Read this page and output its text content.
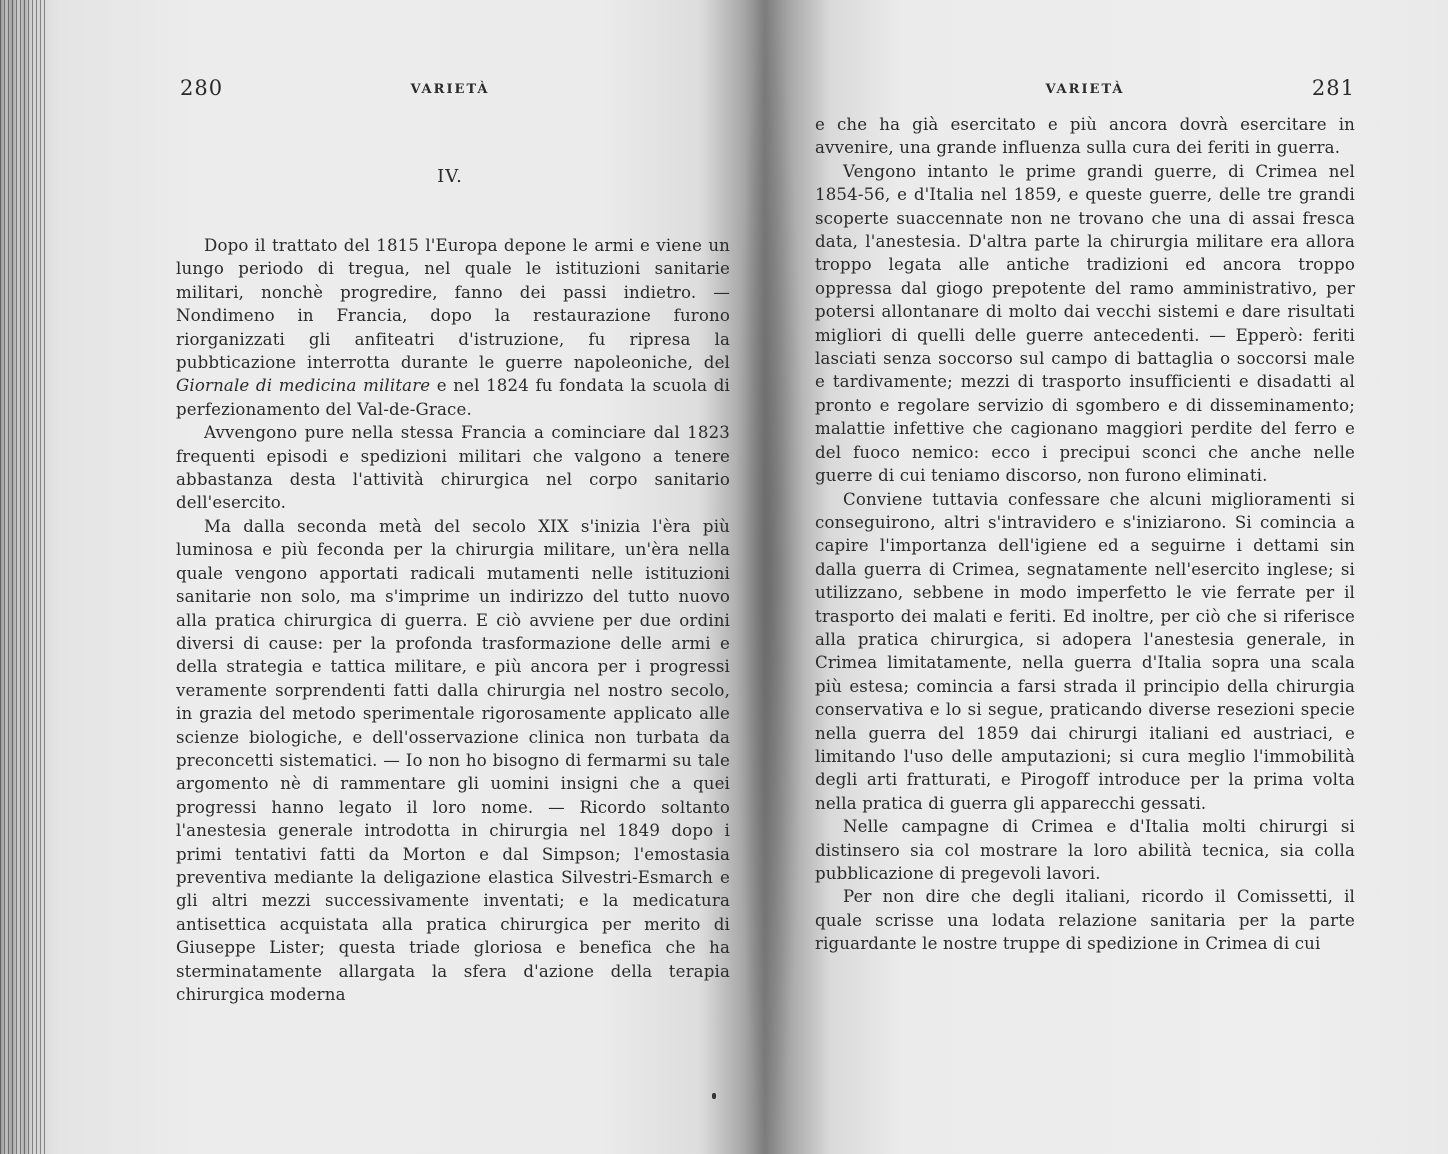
280	VARIETÀ
IV.

Dopo il trattato del 1815 l'Europa depone le armi e viene un lungo periodo di tregua, nel quale le istituzioni sanitarie militari, nonchè progredire, fanno dei passi indietro. — Nondimeno in Francia, dopo la restaurazione furono riorganizzati gli anfiteatri d'istruzione, fu ripresa la pubbticazione interrotta durante le guerre napoleoniche, del Giornale di medicina militare e nel 1824 fu fondata la scuola di perfezionamento del Val-de-Grace.

Avvengono pure nella stessa Francia a cominciare dal 1823 frequenti episodi e spedizioni militari che valgono a tenere abbastanza desta l'attività chirurgica nel corpo sanitario dell'esercito.

Ma dalla seconda metà del secolo XIX s'inizia l'èra più luminosa e più feconda per la chirurgia militare, un'èra nella quale vengono apportati radicali mutamenti nelle istituzioni sanitarie non solo, ma s'imprime un indirizzo del tutto nuovo alla pratica chirurgica di guerra. E ciò avviene per due ordini diversi di cause: per la profonda trasformazione delle armi e della strategia e tattica militare, e più ancora per i progressi veramente sorprendenti fatti dalla chirurgia nel nostro secolo, in grazia del metodo sperimentale rigorosamente applicato alle scienze biologiche, e dell'osservazione clinica non turbata da preconcetti sistematici. — Io non ho bisogno di fermarmi su tale argomento nè di rammentare gli uomini insigni che a quei progressi hanno legato il loro nome. — Ricordo soltanto l'anestesia generale introdotta in chirurgia nel 1849 dopo i primi tentativi fatti da Morton e dal Simpson; l'emostasia preventiva mediante la deligazione elastica Silvestri-Esmarch e gli altri mezzi successivamente inventati; e la medicatura antisettica acquistata alla pratica chirurgica per merito di Giuseppe Lister; questa triade gloriosa e benefica che ha sterminatamente allargata la sfera d'azione della terapia chirurgica moderna

VARIETÀ	281

e che ha già esercitato e più ancora dovrà esercitare in avvenire, una grande influenza sulla cura dei feriti in guerra.

Vengono intanto le prime grandi guerre, di Crimea nel 1854-56, e d'Italia nel 1859, e queste guerre, delle tre grandi scoperte suaccennate non ne trovano che una di assai fresca data, l'anestesia. D'altra parte la chirurgia militare era allora troppo legata alle antiche tradizioni ed ancora troppo oppressa dal giogo prepotente del ramo amministrativo, per potersi allontanare di molto dai vecchi sistemi e dare risultati migliori di quelli delle guerre antecedenti. — Epperò: feriti lasciati senza soccorso sul campo di battaglia o soccorsi male e tardivamente; mezzi di trasporto insufficienti e disadatti al pronto e regolare servizio di sgombero e di disseminamento; malattie infettive che cagionano maggiori perdite del ferro e del fuoco nemico: ecco i precipui sconci che anche nelle guerre di cui teniamo discorso, non furono eliminati.

Conviene tuttavia confessare che alcuni miglioramenti si conseguirono, altri s'intravidero e s'iniziarono. Si comincia a capire l'importanza dell'igiene ed a seguirne i dettami sin dalla guerra di Crimea, segnatamente nell'esercito inglese; si utilizzano, sebbene in modo imperfetto le vie ferrate per il trasporto dei malati e feriti. Ed inoltre, per ciò che si riferisce alla pratica chirurgica, si adopera l'anestesia generale, in Crimea limitatamente, nella guerra d'Italia sopra una scala più estesa; comincia a farsi strada il principio della chirurgia conservativa e lo si segue, praticando diverse resezioni specie nella guerra del 1859 dai chirurgi italiani ed austriaci, e limitando l'uso delle amputazioni; si cura meglio l'immobilità degli arti fratturati, e Pirogoff introduce per la prima volta nella pratica di guerra gli apparecchi gessati.

Nelle campagne di Crimea e d'Italia molti chirurgi si distinsero sia col mostrare la loro abilità tecnica, sia colla pubblicazione di pregevoli lavori.

Per non dire che degli italiani, ricordo il Comissetti, il quale scrisse una lodata relazione sanitaria per la parte riguardante le nostre truppe di spedizione in Crimea di cui
